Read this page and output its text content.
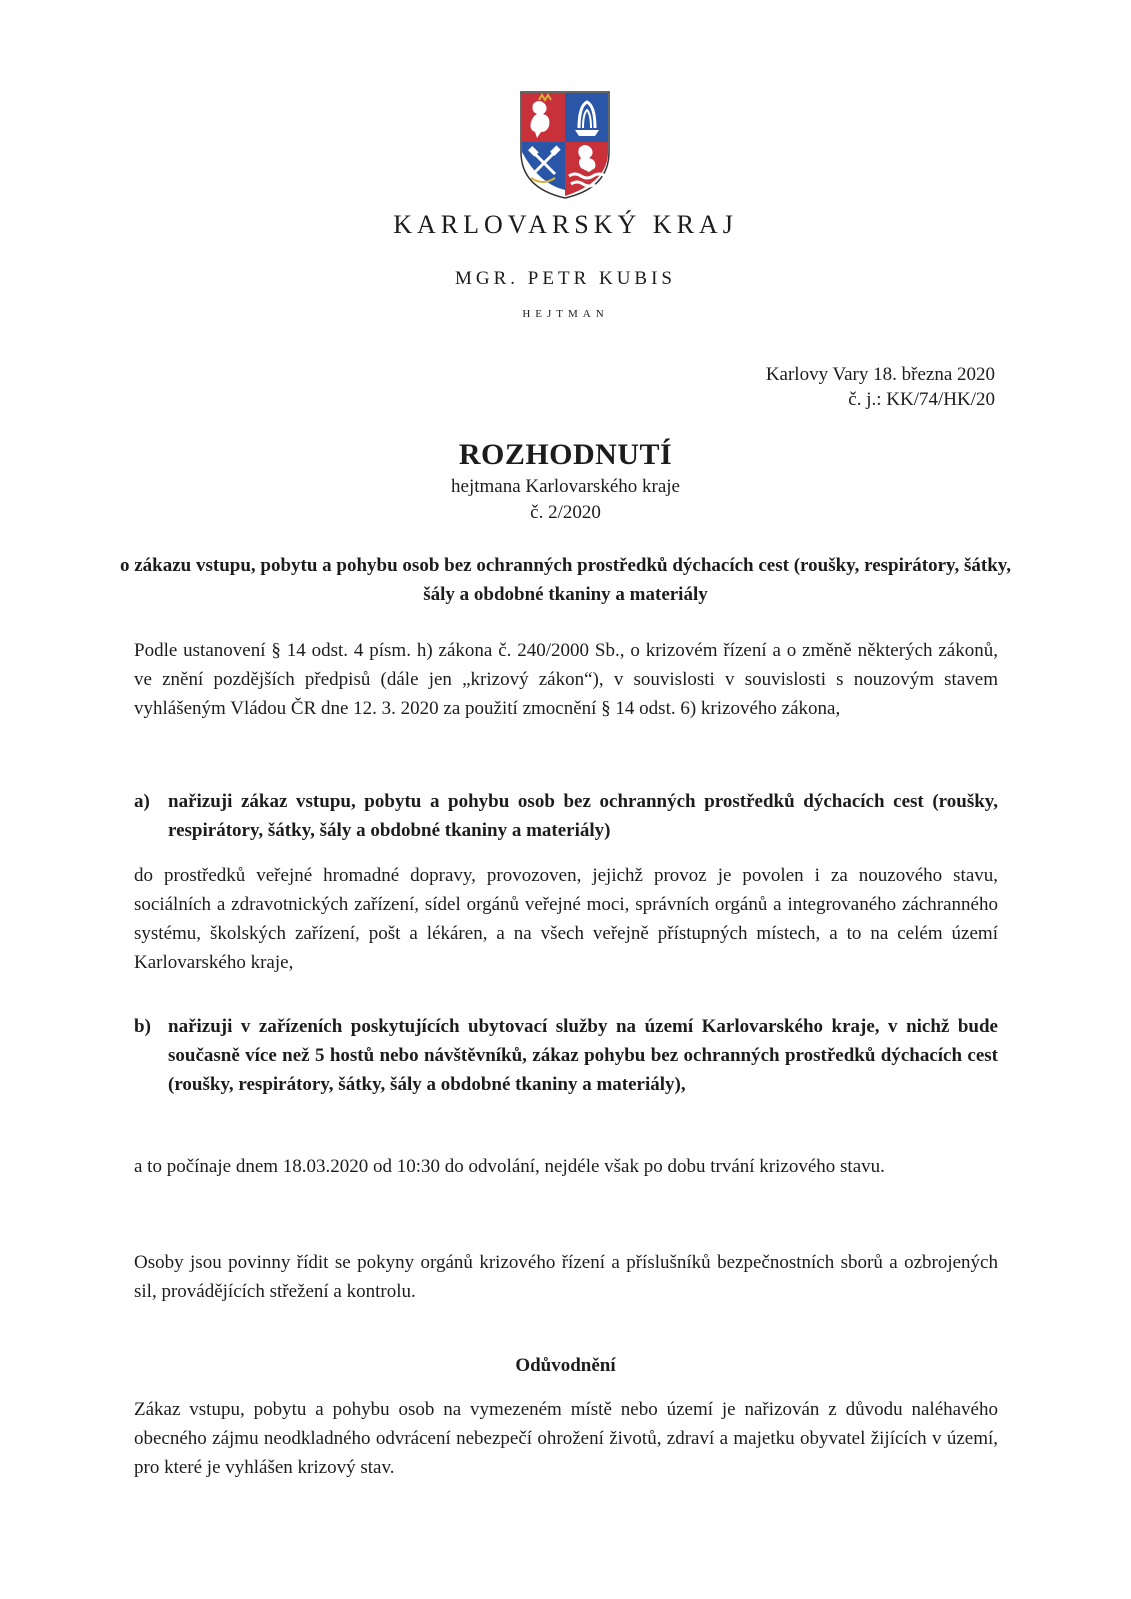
KARLOVARSKÝ KRAJ
MGR. PETR KUBIS
HEJTMAN
Karlovy Vary 18. března 2020
č. j.: KK/74/HK/20
ROZHODNUTÍ
hejtmana Karlovarského kraje
č. 2/2020
o zákazu vstupu, pobytu a pohybu osob bez ochranných prostředků dýchacích cest (roušky, respirátory, šátky, šály a obdobné tkaniny a materiály
Podle ustanovení § 14 odst. 4 písm. h) zákona č. 240/2000 Sb., o krizovém řízení a o změně některých zákonů, ve znění pozdějších předpisů (dále jen „krizový zákon“), v souvislosti v souvislosti s nouzovým stavem vyhlášeným Vládou ČR dne 12. 3. 2020 za použití zmocnění § 14 odst. 6) krizového zákona,
a) nařizuji zákaz vstupu, pobytu a pohybu osob bez ochranných prostředků dýchacích cest (roušky, respirátory, šátky, šály a obdobné tkaniny a materiály)
do prostředků veřejné hromadné dopravy, provozoven, jejichž provoz je povolen i za nouzového stavu, sociálních a zdravotnických zařízení, sídel orgánů veřejné moci, správních orgánů a integrovaného záchranného systému, školských zařízení, pošt a lékáren, a na všech veřejně přístupných místech, a to na celém území Karlovarského kraje,
b) nařizuji v zařízeních poskytujících ubytovací služby na území Karlovarského kraje, v nichž bude současně více než 5 hostů nebo návštěvníků, zákaz pohybu bez ochranných prostředků dýchacích cest (roušky, respirátory, šátky, šály a obdobné tkaniny a materiály),
a to počínaje dnem 18.03.2020 od 10:30 do odvolání, nejdéle však po dobu trvání krizového stavu.
Osoby jsou povinny řídit se pokyny orgánů krizového řízení a příslušníků bezpečnostních sborů a ozbrojených sil, provádějících střežení a kontrolu.
Odůvodnění
Zákaz vstupu, pobytu a pohybu osob na vymezeném místě nebo území je nařizován z důvodu naléhavého obecného zájmu neodkladného odvrácení nebezpečí ohrožení životů, zdraví a majetku obyvatel žijících v území, pro které je vyhlášen krizový stav.
